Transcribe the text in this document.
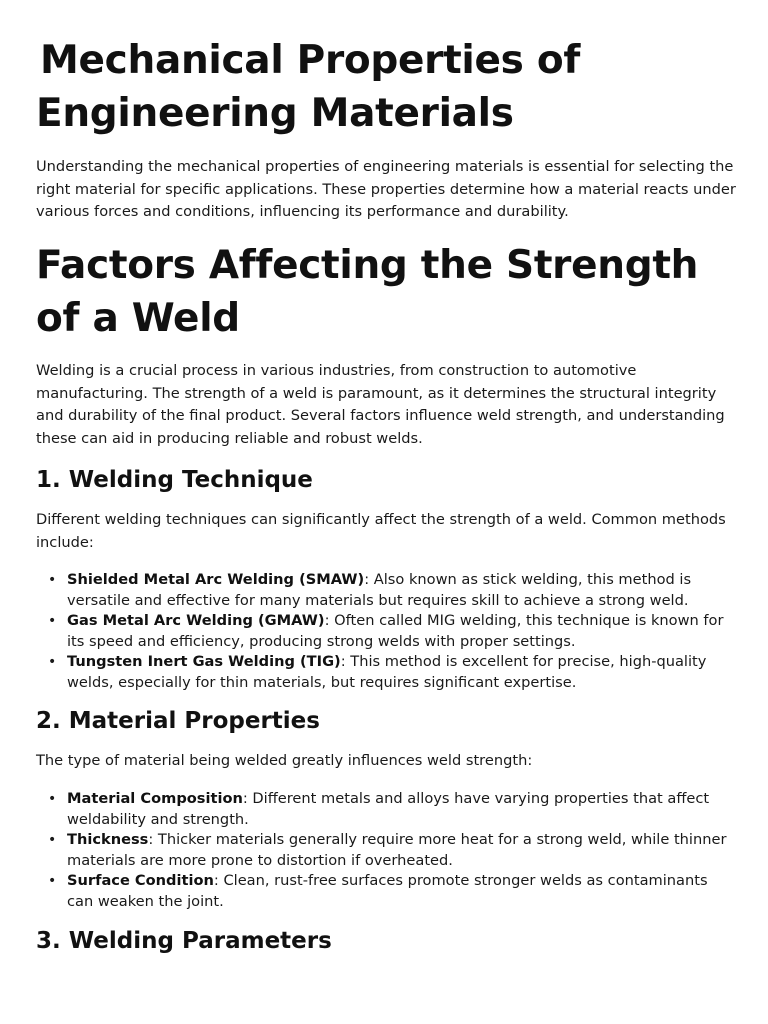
Mechanical Properties of
Engineering Materials

Understanding the mechanical properties of engineering materials is essential for selecting the right material for specific applications. These properties determine how a material reacts under various forces and conditions, influencing its performance and durability.

Factors Affecting the Strength of a Weld

Welding is a crucial process in various industries, from construction to automotive manufacturing. The strength of a weld is paramount, as it determines the structural integrity and durability of the final product. Several factors influence weld strength, and understanding these can aid in producing reliable and robust welds.

1. Welding Technique

Different welding techniques can significantly affect the strength of a weld. Common methods include:

• Shielded Metal Arc Welding (SMAW): Also known as stick welding, this method is versatile and effective for many materials but requires skill to achieve a strong weld.
• Gas Metal Arc Welding (GMAW): Often called MIG welding, this technique is known for its speed and efficiency, producing strong welds with proper settings.
• Tungsten Inert Gas Welding (TIG): This method is excellent for precise, high-quality welds, especially for thin materials, but requires significant expertise.
2. Material Properties

The type of material being welded greatly influences weld strength:

• Material Composition: Different metals and alloys have varying properties that affect weldability and strength.
• Thickness: Thicker materials generally require more heat for a strong weld, while thinner materials are more prone to distortion if overheated.
• Surface Condition: Clean, rust-free surfaces promote stronger welds as contaminants can weaken the joint.
3. Welding Parameters
